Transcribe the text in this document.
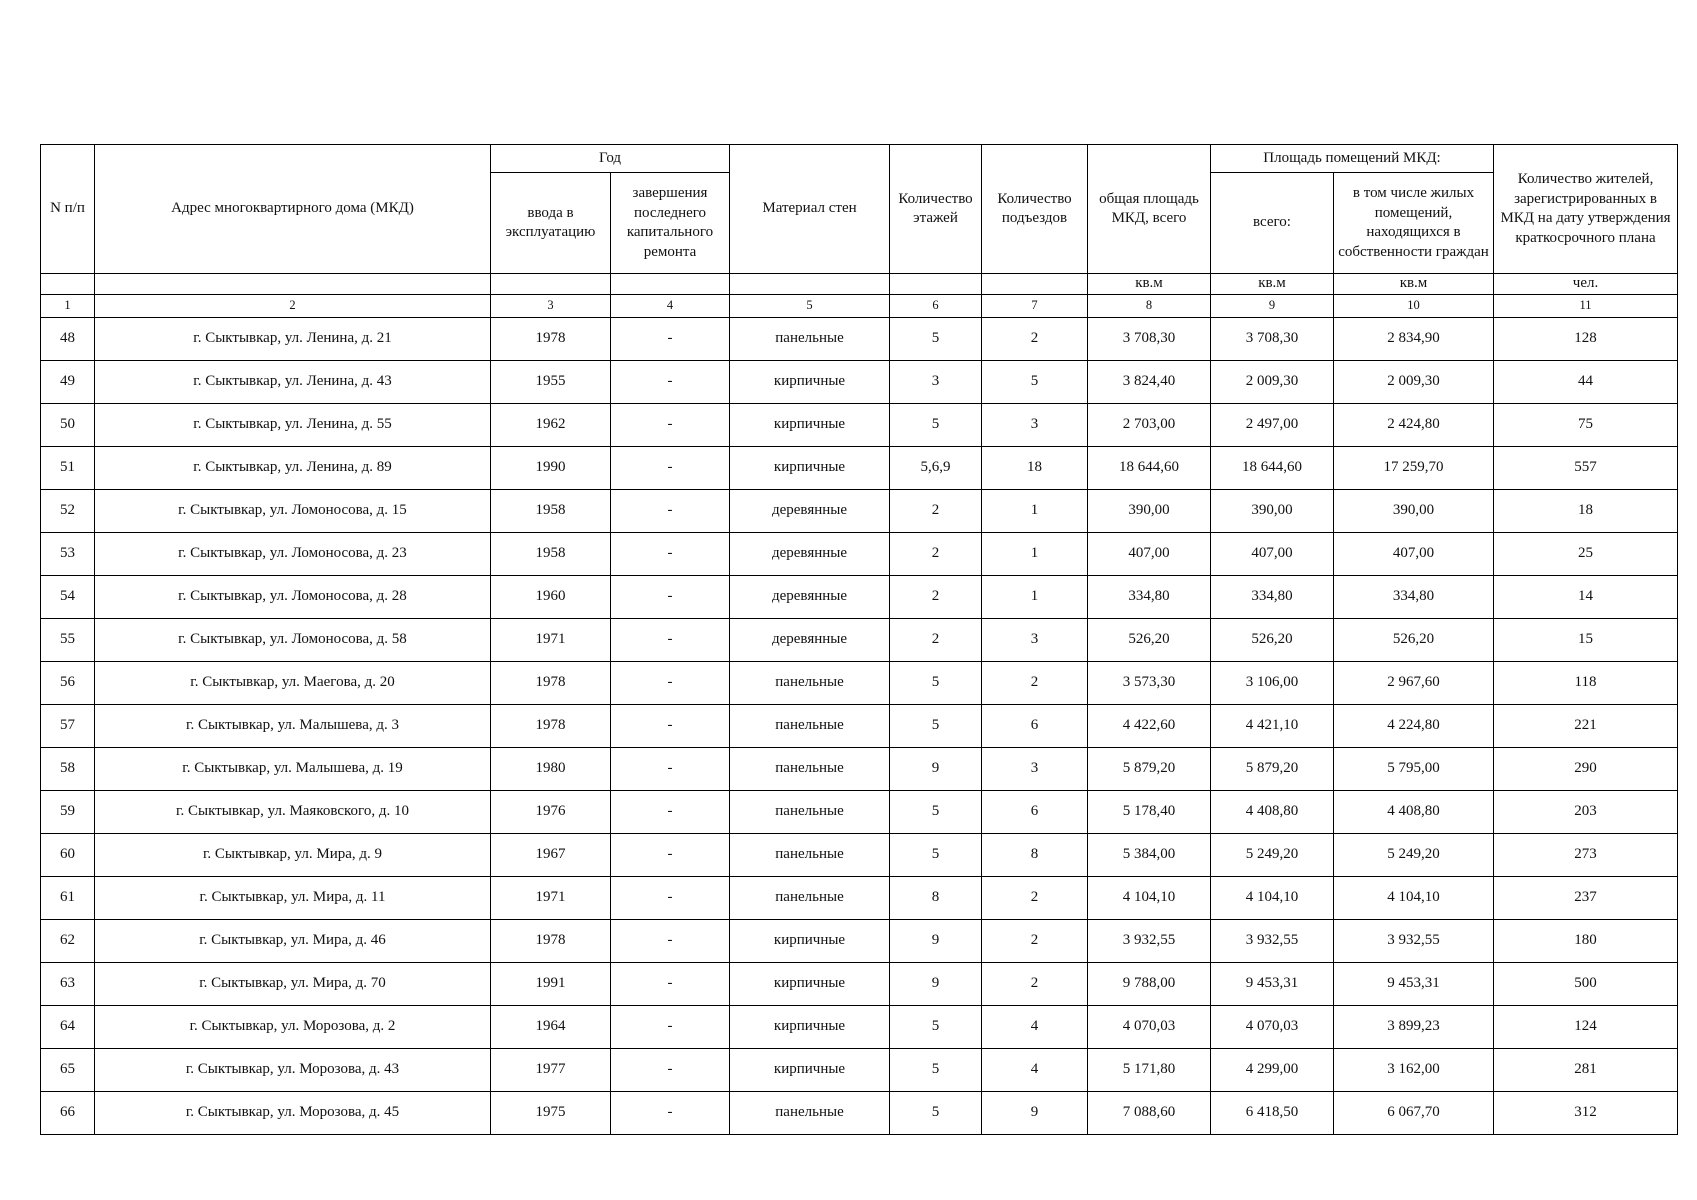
N п/п	Адрес многоквартирного дома (МКД)	Год		Материал стен	Количество этажей	Количество подъездов	общая площадь МКД, всего	Площадь помещений МКД:		Количество жителей, зарегистрированных в МКД на дату утверждения краткосрочного плана
		ввода в эксплуатацию	завершения последнего капитального ремонта					всего:	в том числе жилых помещений, находящихся в собственности граждан	
							кв.м	кв.м	кв.м	чел.
1	2	3	4	5	6	7	8	9	10	11
48	г. Сыктывкар, ул. Ленина, д. 21	1978	-	панельные	5	2	3 708,30	3 708,30	2 834,90	128
49	г. Сыктывкар, ул. Ленина, д. 43	1955	-	кирпичные	3	5	3 824,40	2 009,30	2 009,30	44
50	г. Сыктывкар, ул. Ленина, д. 55	1962	-	кирпичные	5	3	2 703,00	2 497,00	2 424,80	75
51	г. Сыктывкар, ул. Ленина, д. 89	1990	-	кирпичные	5,6,9	18	18 644,60	18 644,60	17 259,70	557
52	г. Сыктывкар, ул. Ломоносова, д. 15	1958	-	деревянные	2	1	390,00	390,00	390,00	18
53	г. Сыктывкар, ул. Ломоносова, д. 23	1958	-	деревянные	2	1	407,00	407,00	407,00	25
54	г. Сыктывкар, ул. Ломоносова, д. 28	1960	-	деревянные	2	1	334,80	334,80	334,80	14
55	г. Сыктывкар, ул. Ломоносова, д. 58	1971	-	деревянные	2	3	526,20	526,20	526,20	15
56	г. Сыктывкар, ул. Маегова, д. 20	1978	-	панельные	5	2	3 573,30	3 106,00	2 967,60	118
57	г. Сыктывкар, ул. Малышева, д. 3	1978	-	панельные	5	6	4 422,60	4 421,10	4 224,80	221
58	г. Сыктывкар, ул. Малышева, д. 19	1980	-	панельные	9	3	5 879,20	5 879,20	5 795,00	290
59	г. Сыктывкар, ул. Маяковского, д. 10	1976	-	панельные	5	6	5 178,40	4 408,80	4 408,80	203
60	г. Сыктывкар, ул. Мира, д. 9	1967	-	панельные	5	8	5 384,00	5 249,20	5 249,20	273
61	г. Сыктывкар, ул. Мира, д. 11	1971	-	панельные	8	2	4 104,10	4 104,10	4 104,10	237
62	г. Сыктывкар, ул. Мира, д. 46	1978	-	кирпичные	9	2	3 932,55	3 932,55	3 932,55	180
63	г. Сыктывкар, ул. Мира, д. 70	1991	-	кирпичные	9	2	9 788,00	9 453,31	9 453,31	500
64	г. Сыктывкар, ул. Морозова, д. 2	1964	-	кирпичные	5	4	4 070,03	4 070,03	3 899,23	124
65	г. Сыктывкар, ул. Морозова, д. 43	1977	-	кирпичные	5	4	5 171,80	4 299,00	3 162,00	281
66	г. Сыктывкар, ул. Морозова, д. 45	1975	-	панельные	5	9	7 088,60	6 418,50	6 067,70	312
